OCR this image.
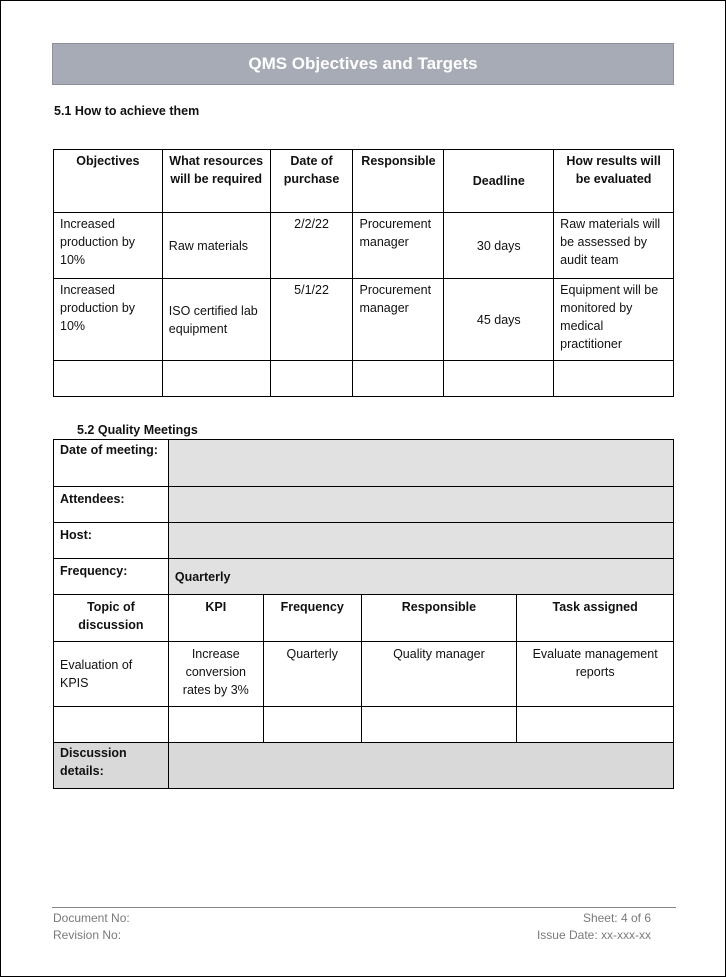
QMS Objectives and Targets
5.1 How to achieve them
Objectives	What resources will be required	Date of purchase	Responsible	Deadline	How results will be evaluated
Increased production by 10%	Raw materials	2/2/22	Procurement manager	30 days	Raw materials will be assessed by audit team
Increased production by 10%	ISO certified lab equipment	5/1/22	Procurement manager	45 days	Equipment will be monitored by medical practitioner

5.2 Quality Meetings
Date of meeting:				
Attendees:				
Host:				
Frequency:	Quarterly			
Topic of discussion	KPI	Frequency	Responsible	Task assigned
Evaluation of KPIS	Increase conversion rates by 3%	Quarterly	Quality manager	Evaluate management reports

Discussion details:				
Document No:
Revision No:
Sheet: 4 of 6
Issue Date: xx-xxx-xx
